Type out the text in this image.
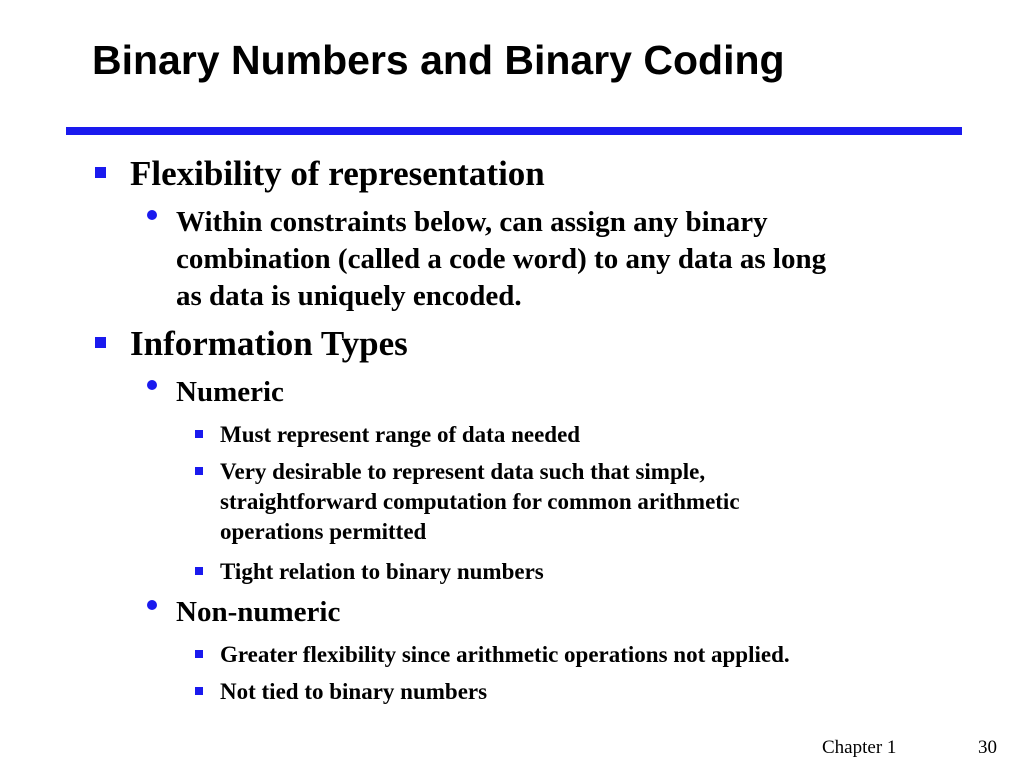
Binary Numbers and Binary Coding
Flexibility of representation
Within constraints below, can assign any binary
combination (called a code word) to any data as long
as data is uniquely encoded.
Information Types
Numeric
Must represent range of data needed
Very desirable to represent data such that simple,
straightforward computation for common arithmetic
operations permitted
Tight relation to binary numbers
Non-numeric
Greater flexibility since arithmetic operations not applied.
Not tied to binary numbers
Chapter 1	30
